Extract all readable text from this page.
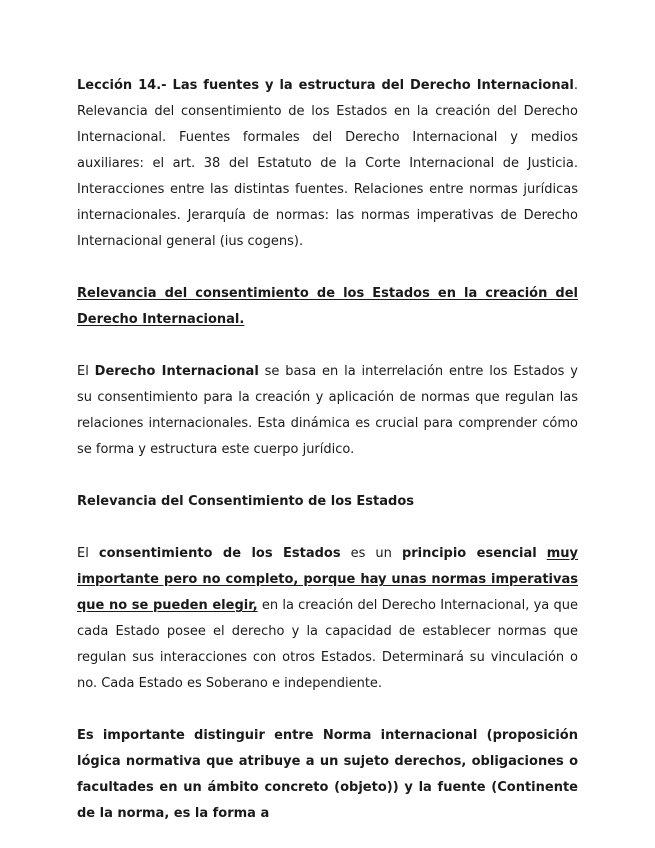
Lección 14.- Las fuentes y la estructura del Derecho Internacional. Relevancia del consentimiento de los Estados en la creación del Derecho Internacional. Fuentes formales del Derecho Internacional y medios auxiliares: el art. 38 del Estatuto de la Corte Internacional de Justicia. Interacciones entre las distintas fuentes. Relaciones entre normas jurídicas internacionales. Jerarquía de normas: las normas imperativas de Derecho Internacional general (ius cogens).

Relevancia del consentimiento de los Estados en la creación del Derecho Internacional.

El Derecho Internacional se basa en la interrelación entre los Estados y su consentimiento para la creación y aplicación de normas que regulan las relaciones internacionales. Esta dinámica es crucial para comprender cómo se forma y estructura este cuerpo jurídico.

Relevancia del Consentimiento de los Estados

El consentimiento de los Estados es un principio esencial muy importante pero no completo, porque hay unas normas imperativas que no se pueden elegir, en la creación del Derecho Internacional, ya que cada Estado posee el derecho y la capacidad de establecer normas que regulan sus interacciones con otros Estados. Determinará su vinculación o no. Cada Estado es Soberano e independiente.

Es importante distinguir entre Norma internacional (proposición lógica normativa que atribuye a un sujeto derechos, obligaciones o facultades en un ámbito concreto (objeto)) y la fuente (Continente de la norma, es la forma a
